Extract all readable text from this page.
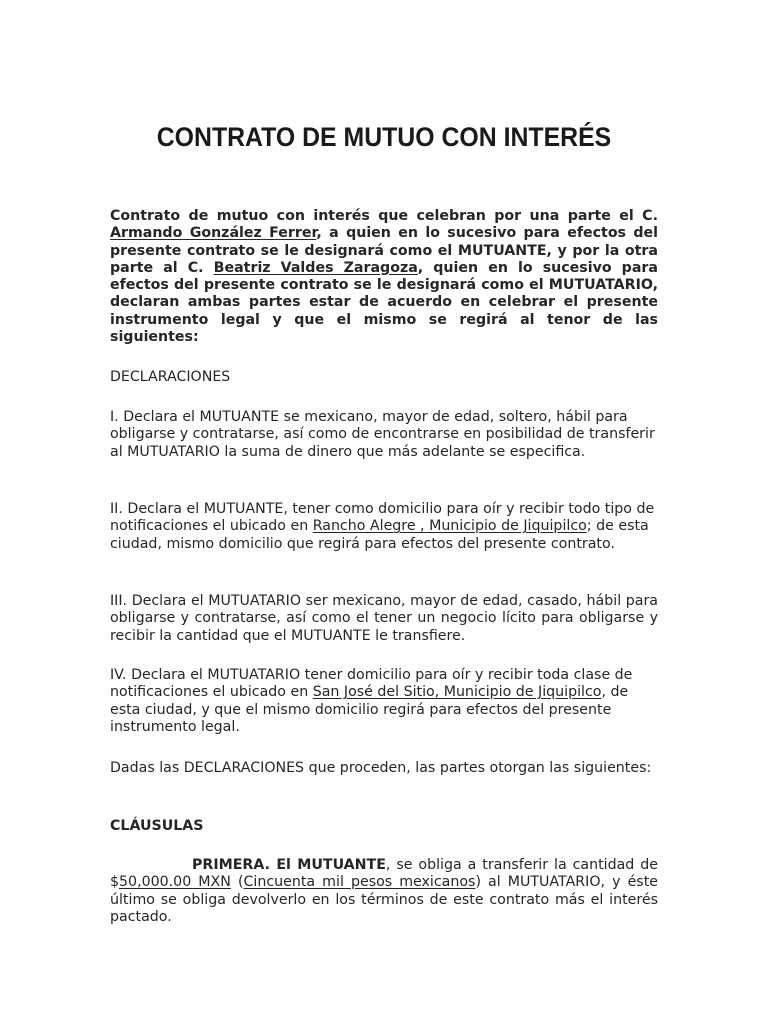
CONTRATO DE MUTUO CON INTERÉS

Contrato de mutuo con interés que celebran por una parte el C. Armando González Ferrer, a quien en lo sucesivo para efectos del presente contrato se le designará como el MUTUANTE, y por la otra parte al C. Beatriz Valdes Zaragoza, quien en lo sucesivo para efectos del presente contrato se le designará como el MUTUATARIO, declaran ambas partes estar de acuerdo en celebrar el presente instrumento legal y que el mismo se regirá al tenor de las siguientes:

DECLARACIONES

I. Declara el MUTUANTE se mexicano, mayor de edad, soltero, hábil para obligarse y contratarse, así como de encontrarse en posibilidad de transferir al MUTUATARIO la suma de dinero que más adelante se especifica.

II. Declara el MUTUANTE, tener como domicilio para oír y recibir todo tipo de notificaciones el ubicado en Rancho Alegre , Municipio de Jiquipilco; de esta ciudad, mismo domicilio que regirá para efectos del presente contrato.

III. Declara el MUTUATARIO ser mexicano, mayor de edad, casado, hábil para obligarse y contratarse, así como el tener un negocio lícito para obligarse y recibir la cantidad que el MUTUANTE le transfiere.

IV. Declara el MUTUATARIO tener domicilio para oír y recibir toda clase de notificaciones el ubicado en San José del Sitio, Municipio de Jiquipilco, de esta ciudad, y que el mismo domicilio regirá para efectos del presente instrumento legal.

Dadas las DECLARACIONES que proceden, las partes otorgan las siguientes:

CLÁUSULAS

PRIMERA. El MUTUANTE, se obliga a transferir la cantidad de $50,000.00 MXN (Cincuenta mil pesos mexicanos) al MUTUATARIO, y éste último se obliga devolverlo en los términos de este contrato más el interés pactado.
